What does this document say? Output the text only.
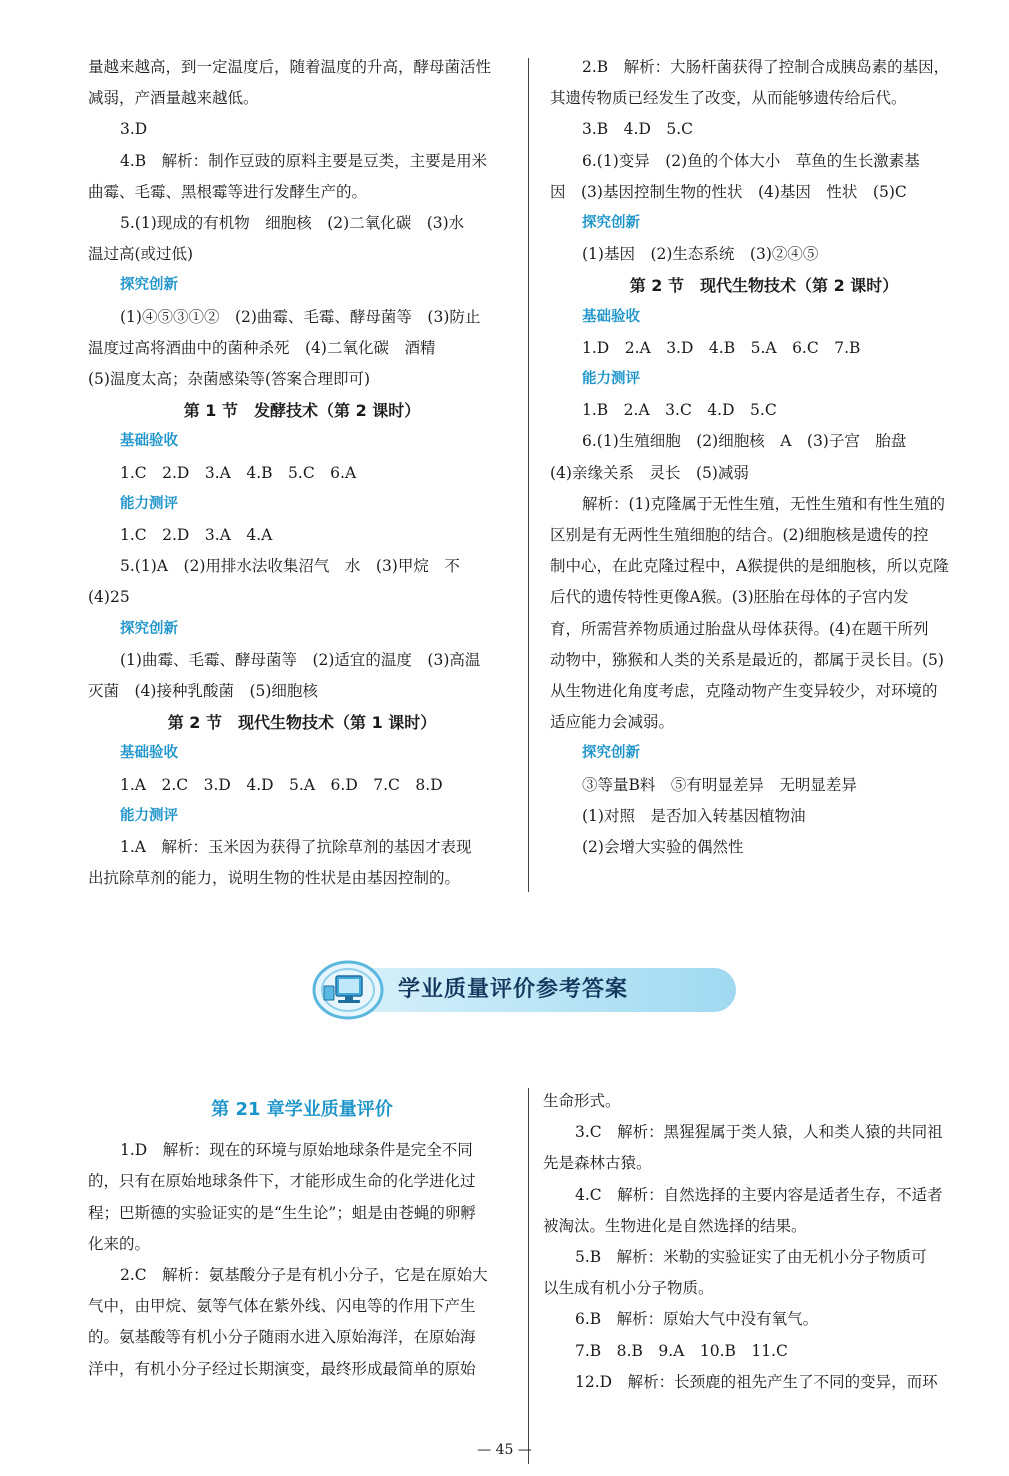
量越来越高，到一定温度后，随着温度的升高，酵母菌活性

减弱，产酒量越来越低。

3.D

4.B　解析：制作豆豉的原料主要是豆类，主要是用米

曲霉、毛霉、黑根霉等进行发酵生产的。

5.(1)现成的有机物　细胞核　(2)二氧化碳　(3)水

温过高(或过低)

探究创新

(1)④⑤③①②　(2)曲霉、毛霉、酵母菌等　(3)防止

温度过高将酒曲中的菌种杀死　(4)二氧化碳　酒精

(5)温度太高；杂菌感染等(答案合理即可)

第 1 节　发酵技术（第 2 课时）

基础验收

1.C　2.D　3.A　4.B　5.C　6.A

能力测评

1.C　2.D　3.A　4.A

5.(1)A　(2)用排水法收集沼气　水　(3)甲烷　不

(4)25

探究创新

(1)曲霉、毛霉、酵母菌等　(2)适宜的温度　(3)高温

灭菌　(4)接种乳酸菌　(5)细胞核

第 2 节　现代生物技术（第 1 课时）

基础验收

1.A　2.C　3.D　4.D　5.A　6.D　7.C　8.D

能力测评

1.A　解析：玉米因为获得了抗除草剂的基因才表现

出抗除草剂的能力，说明生物的性状是由基因控制的。

2.B　解析：大肠杆菌获得了控制合成胰岛素的基因，

其遗传物质已经发生了改变，从而能够遗传给后代。

3.B　4.D　5.C

6.(1)变异　(2)鱼的个体大小　草鱼的生长激素基

因　(3)基因控制生物的性状　(4)基因　性状　(5)C

探究创新

(1)基因　(2)生态系统　(3)②④⑤

第 2 节　现代生物技术（第 2 课时）

基础验收

1.D　2.A　3.D　4.B　5.A　6.C　7.B

能力测评

1.B　2.A　3.C　4.D　5.C

6.(1)生殖细胞　(2)细胞核　A　(3)子宫　胎盘

(4)亲缘关系　灵长　(5)减弱

解析：(1)克隆属于无性生殖，无性生殖和有性生殖的

区别是有无两性生殖细胞的结合。(2)细胞核是遗传的控

制中心，在此克隆过程中，A猴提供的是细胞核，所以克隆

后代的遗传特性更像A猴。(3)胚胎在母体的子宫内发

育，所需营养物质通过胎盘从母体获得。(4)在题干所列

动物中，猕猴和人类的关系是最近的，都属于灵长目。(5)

从生物进化角度考虑，克隆动物产生变异较少，对环境的

适应能力会减弱。

探究创新

③等量B料　⑤有明显差异　无明显差异

(1)对照　是否加入转基因植物油

(2)会增大实验的偶然性

学业质量评价参考答案

第 21 章学业质量评价

1.D　解析：现在的环境与原始地球条件是完全不同

的，只有在原始地球条件下，才能形成生命的化学进化过

程；巴斯德的实验证实的是“生生论”；蛆是由苍蝇的卵孵

化来的。

2.C　解析：氨基酸分子是有机小分子，它是在原始大

气中，由甲烷、氨等气体在紫外线、闪电等的作用下产生

的。氨基酸等有机小分子随雨水进入原始海洋，在原始海

洋中，有机小分子经过长期演变，最终形成最简单的原始

生命形式。

3.C　解析：黑猩猩属于类人猿，人和类人猿的共同祖

先是森林古猿。

4.C　解析：自然选择的主要内容是适者生存，不适者

被淘汰。生物进化是自然选择的结果。

5.B　解析：米勒的实验证实了由无机小分子物质可

以生成有机小分子物质。

6.B　解析：原始大气中没有氧气。

7.B　8.B　9.A　10.B　11.C

12.D　解析：长颈鹿的祖先产生了不同的变异，而环

— 45 —
